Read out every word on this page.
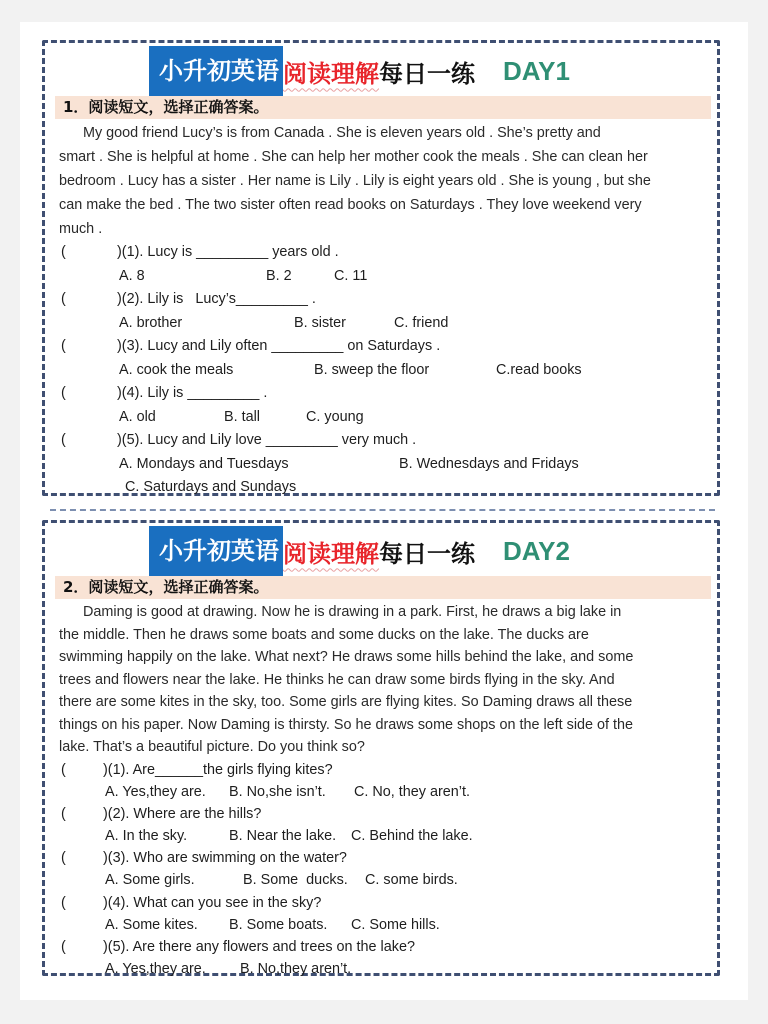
小升初英语 阅读理解 每日一练 DAY1
1．阅读短文，选择正确答案。
My good friend Lucy’s is from Canada . She is eleven years old . She’s pretty and
smart . She is helpful at home . She can help her mother cook the meals . She can clean her
bedroom . Lucy has a sister . Her name is Lily . Lily is eight years old . She is young , but she
can make the bed . The two sister often read books on Saturdays . They love weekend very
much .
(	)(1). Lucy is _________ years old .
A. 8	B. 2	C. 11
(	)(2). Lily is   Lucy’s_________ .
A. brother	B. sister	C. friend
(	)(3). Lucy and Lily often _________ on Saturdays .
A. cook the meals	B. sweep the floor	C.read books
(	)(4). Lily is _________ .
A. old	B. tall	C. young
(	)(5). Lucy and Lily love _________ very much .
A. Mondays and Tuesdays	B. Wednesdays and Fridays
C. Saturdays and Sundays
小升初英语 阅读理解 每日一练 DAY2
2．阅读短文，选择正确答案。
Daming is good at drawing. Now he is drawing in a park. First, he draws a big lake in
the middle. Then he draws some boats and some ducks on the lake. The ducks are
swimming happily on the lake. What next? He draws some hills behind the lake, and some
trees and flowers near the lake. He thinks he can draw some birds flying in the sky. And
there are some kites in the sky, too. Some girls are flying kites. So Daming draws all these
things on his paper. Now Daming is thirsty. So he draws some shops on the left side of the
lake. That’s a beautiful picture. Do you think so?
(	)(1). Are______the girls flying kites?
A. Yes,they are.	B. No,she isn’t.	C. No, they aren’t.
(	)(2). Where are the hills?
A. In the sky.	B. Near the lake.	C. Behind the lake.
(	)(3). Who are swimming on the water?
A. Some girls.	B. Some  ducks.	C. some birds.
(	)(4). What can you see in the sky?
A. Some kites.	B. Some boats.	C. Some hills.
(	)(5). Are there any flowers and trees on the lake?
A. Yes,they are.	B. No,they aren’t.
